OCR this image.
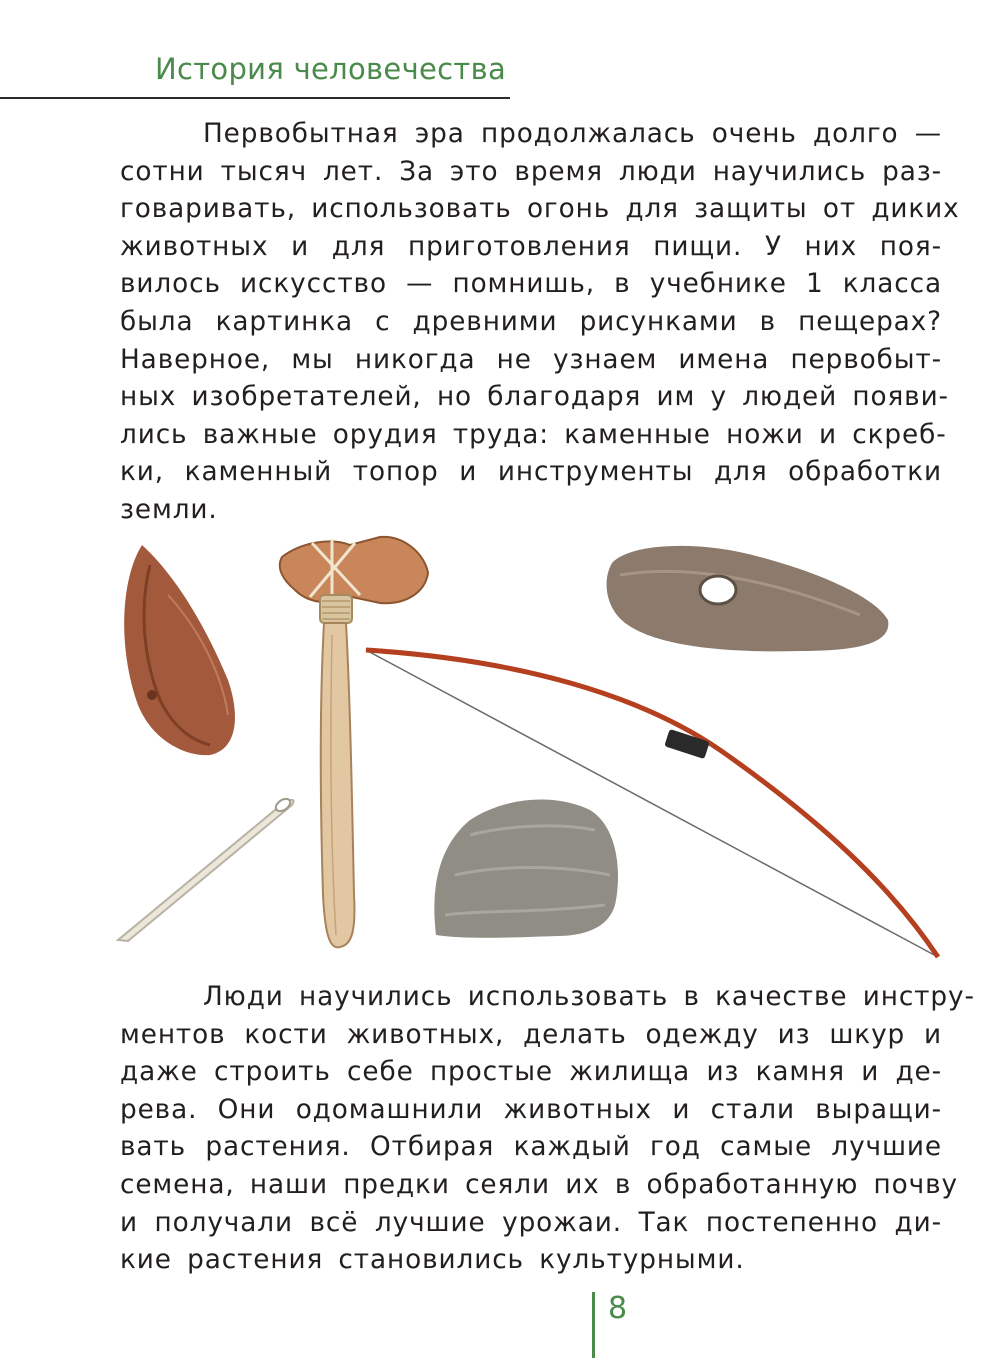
История человечества
Первобытная эра продолжалась очень долго —
сотни тысяч лет. За это время люди научились раз-
говаривать, использовать огонь для защиты от диких
животных и для приготовления пищи. У них поя-
вилось искусство — помнишь, в учебнике 1 класса
была картинка с древними рисунками в пещерах?
Наверное, мы никогда не узнаем имена первобыт-
ных изобретателей, но благодаря им у людей появи-
лись важные орудия труда: каменные ножи и скреб-
ки, каменный топор и инструменты для обработки
земли.
Люди научились использовать в качестве инстру-
ментов кости животных, делать одежду из шкур и
даже строить себе простые жилища из камня и де-
рева. Они одомашнили животных и стали выращи-
вать растения. Отбирая каждый год самые лучшие
семена, наши предки сеяли их в обработанную почву
и получали всё лучшие урожаи. Так постепенно ди-
кие растения становились культурными.
8
